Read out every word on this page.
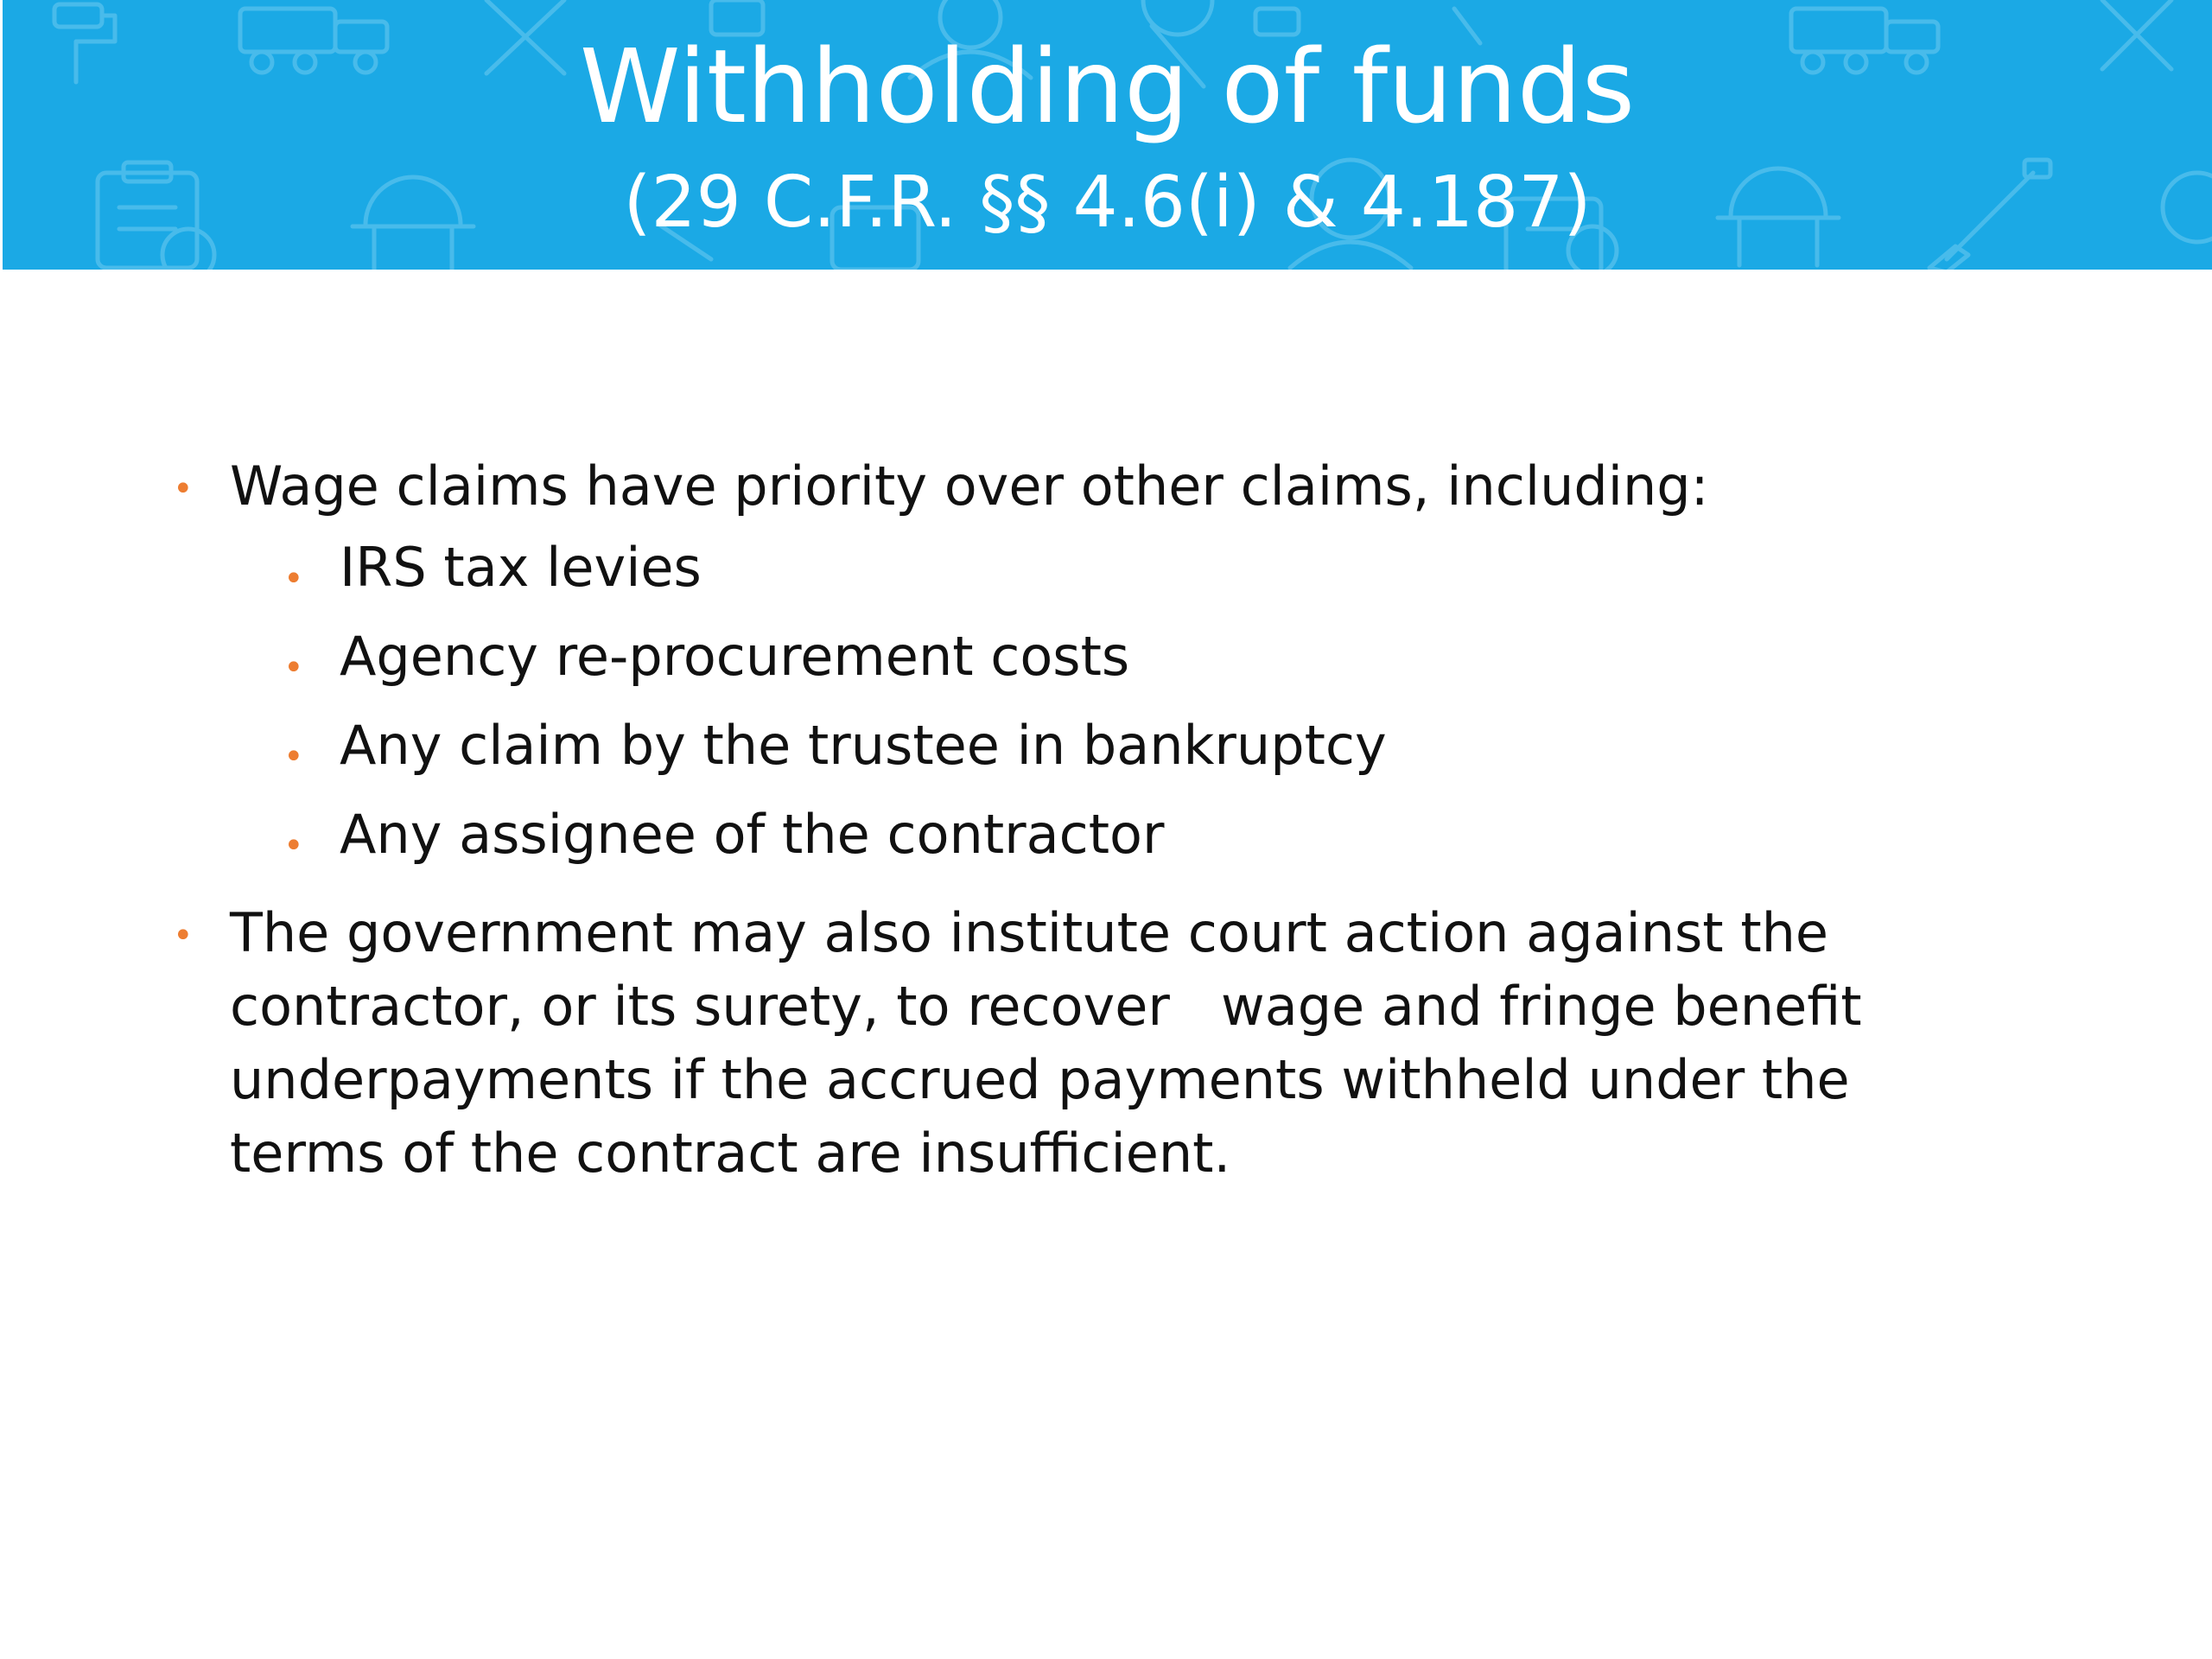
Withholding of funds
(29 C.F.R. §§ 4.6(i) & 4.187)

• Wage claims have priority over other claims, including:

• IRS tax levies

• Agency re-procurement costs

• Any claim by the trustee in bankruptcy

• Any assignee of the contractor

• The government may also institute court action against the contractor, or its surety, to recover   wage and fringe benefit underpayments if the accrued payments withheld under the terms of the contract are insufficient.
